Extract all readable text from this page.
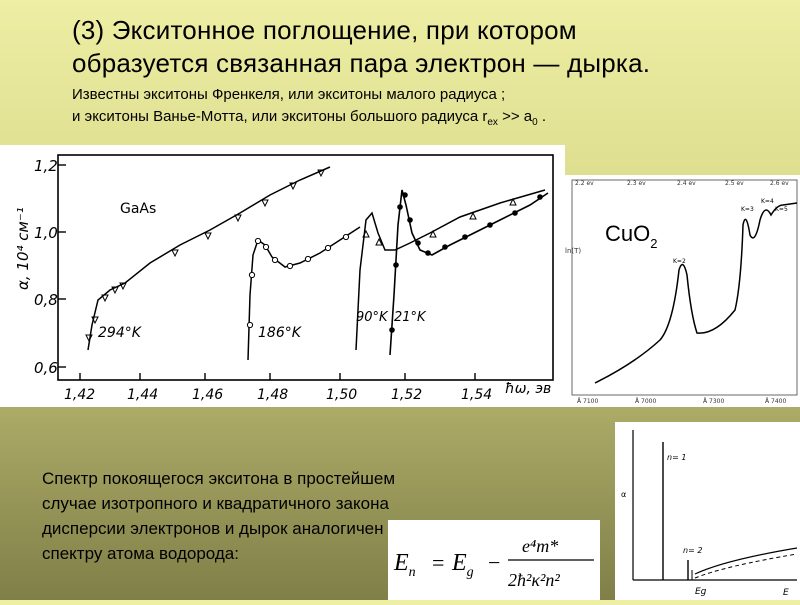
(3) Экситонное поглощение, при котором
образуется связанная пара электрон — дырка.
Известны экситоны Френкеля, или экситоны малого радиуса ;
и экситоны Ванье-Мотта, или экситоны большого радиуса $r_{ex} >> a_0$ .
1,2
1,0
0,8
0,6
α, 10⁴ см⁻¹
1,42 1,44 1,46 1,48	1,50 1,52	1,54 ħω, эв
GaAs
294°K	186°K
90°K 21°K
2.2 ev	2.3 ev	2.4 ev	2.5 ev	2.6 ev
Å 7100	Å 7000	Å 7300	Å 7400
ln(T)
CuO$_2$
K=2
K=3
K=4
K=5
α
E
n= 1
n= 2
Eg
Спектр покоящегося экситона в простейшем случае изотропного и квадратичного закона дисперсии электронов и дырок аналогичен спектру атома водорода:	$E_n = E_g$ −
e⁴m*
2ħ²κ²n²
